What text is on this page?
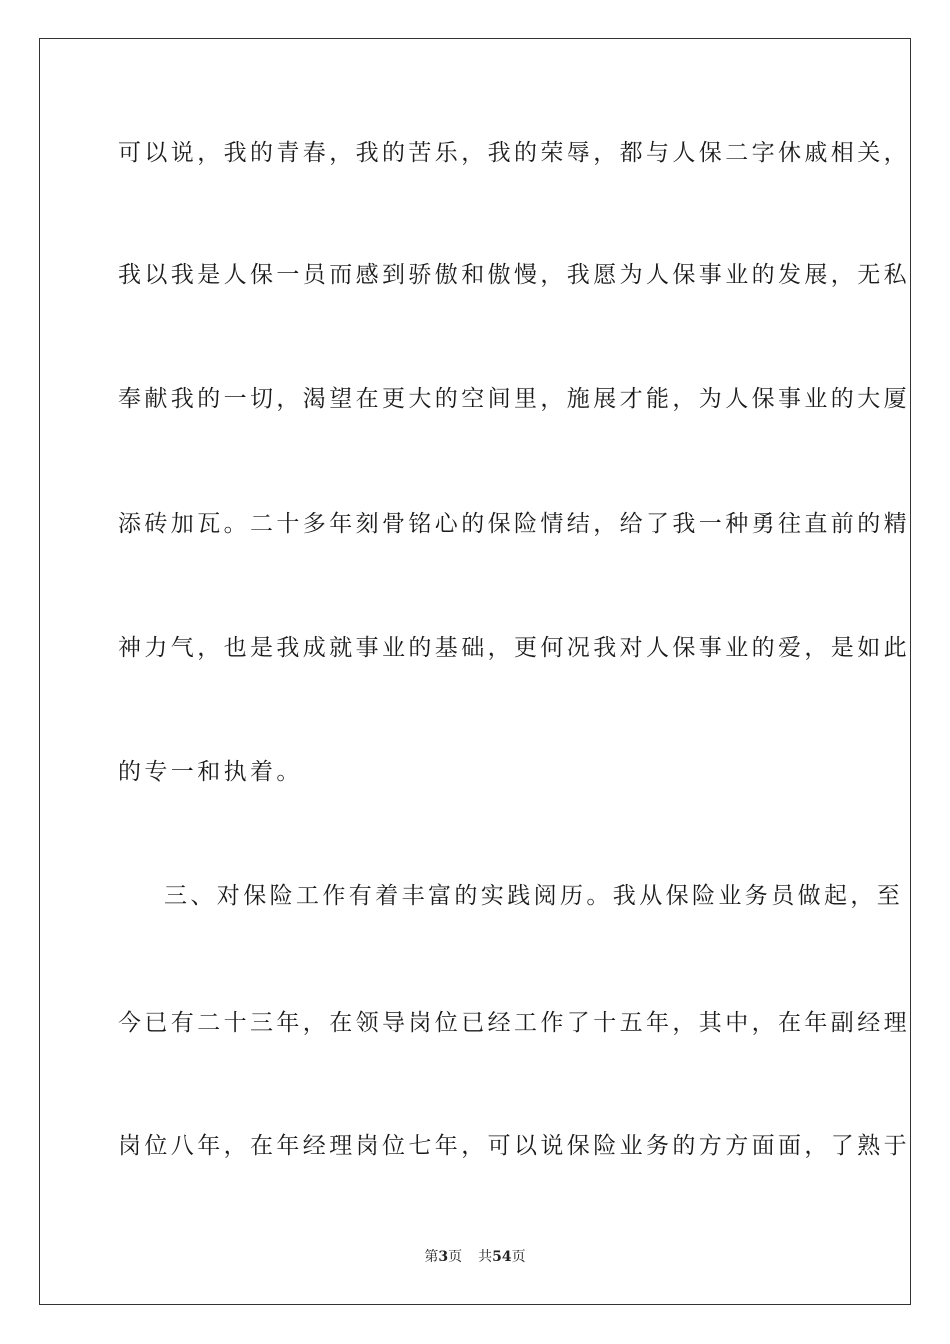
可以说，我的青春，我的苦乐，我的荣辱，都与人保二字休戚相关，
我以我是人保一员而感到骄傲和傲慢，我愿为人保事业的发展，无私
奉献我的一切，渴望在更大的空间里，施展才能，为人保事业的大厦
添砖加瓦。二十多年刻骨铭心的保险情结，给了我一种勇往直前的精
神力气，也是我成就事业的基础，更何况我对人保事业的爱，是如此
的专一和执着。
三、对保险工作有着丰富的实践阅历。我从保险业务员做起，至
今已有二十三年，在领导岗位已经工作了十五年，其中，在年副经理
岗位八年，在年经理岗位七年，可以说保险业务的方方面面，了熟于
第3页 共54页
